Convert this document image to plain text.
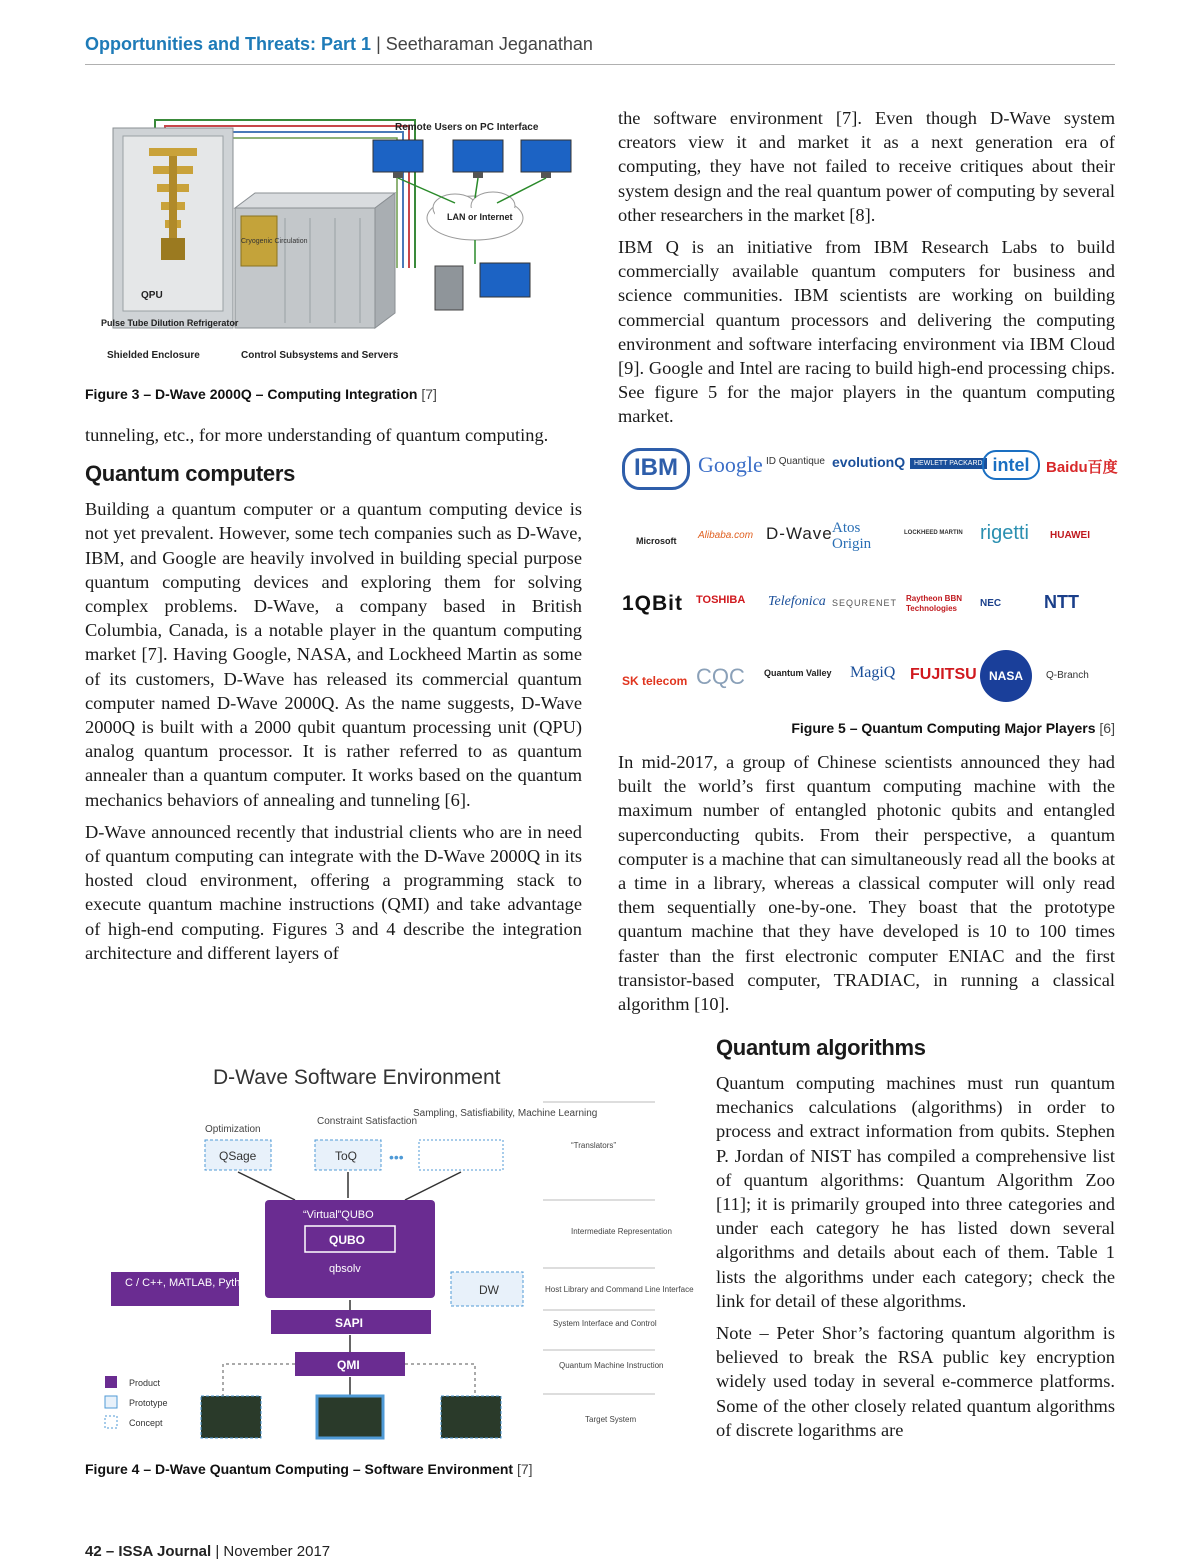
Opportunities and Threats: Part 1 | Seetharaman Jeganathan
Remote Users on PC Interface
LAN or Internet
Cryogenic Circulation
QPU
Pulse Tube Dilution Refrigerator
Shielded Enclosure	Control Subsystems and Servers
Figure 3 – D-Wave 2000Q – Computing Integration [7]

tunneling, etc., for more understanding of quantum computing.

Quantum computers

Building a quantum computer or a quantum computing device is not yet prevalent. However, some tech companies such as D-Wave, IBM, and Google are heavily involved in building special purpose quantum computing devices and exploring them for solving complex problems. D-Wave, a company based in British Columbia, Canada, is a notable player in the quantum computing market [7]. Having Google, NASA, and Lockheed Martin as some of its customers, D-Wave has released its commercial quantum computer named D-Wave 2000Q. As the name suggests, D-Wave 2000Q is built with a 2000 qubit quantum processing unit (QPU) analog quantum processor. It is rather referred to as quantum annealer than a quantum computer. It works based on the quantum mechanics behaviors of annealing and tunneling [6].

D-Wave announced recently that industrial clients who are in need of quantum computing can integrate with the D-Wave 2000Q in its hosted cloud environment, offering a programming stack to execute quantum machine instructions (QMI) and take advantage of high-end computing. Figures 3 and 4 describe the integration architecture and different layers of

the software environment [7]. Even though D-Wave system creators view it and market it as a next generation era of computing, they have not failed to receive critiques about their system design and the real quantum power of computing by several other researchers in the market [8].

IBM Q is an initiative from IBM Research Labs to build commercially available quantum computers for business and science communities. IBM scientists are working on building commercial quantum processors and delivering the computing environment and software interfacing environment via IBM Cloud [9]. Google and Intel are racing to build high-end processing chips. See figure 5 for the major players in the quantum computing market.

IBM Google ID Quantique evolutionQ	HEWLETT PACKARD intel	Baidu百度
Microsoft Alibaba.com D-Wave Atos Origin
LOCKHEED MARTIN rigetti HUAWEI
1QBit TOSHIBA Telefonica SEQURENET Raytheon BBN Technologies	NEC NTT
SK telecom CQC Quantum Valley MagiQ FUJITSU	NASA	Q-Branch
Figure 5 – Quantum Computing Major Players [6]

In mid-2017, a group of Chinese scientists announced they had built the world’s first quantum computing machine with the maximum number of entangled photonic qubits and entangled superconducting qubits. From their perspective, a quantum computer is a machine that can simultaneously read all the books at a time in a library, whereas a classical computer will only read them sequentially one-by-one. They boast that the prototype quantum machine that they have developed is 10 to 100 times faster than the first electronic computer ENIAC and the first transistor-based computer, TRADIAC, in running a classical algorithm [10].

Quantum algorithms

Quantum computing machines must run quantum mechanics calculations (algorithms) in order to process and extract information from qubits. Stephen P. Jordan of NIST has compiled a comprehensive list of quantum algorithms: Quantum Algorithm Zoo [11]; it is primarily grouped into three categories and under each category he has listed down several algorithms and details about each of them. Table 1 lists the algorithms under each category; check the link for detail of these algorithms.

Note – Peter Shor’s factoring quantum algorithm is believed to break the RSA public key encryption widely used today in several e-commerce platforms. Some of the other closely related quantum algorithms of discrete logarithms are

D-Wave Software Environment
Optimization
Constraint Satisfaction
Sampling, Satisfiability, Machine Learning
QSage	ToQ •••
“Virtual”QUBO
QUBO
qbsolv
C / C++, MATLAB, Python	DW
SAPI
QMI
Product
Prototype
Concept
“Translators”
Intermediate Representation
Host Library and Command Line Interface
System Interface and Control
Quantum Machine Instruction
Target System
Figure 4 – D-Wave Quantum Computing – Software Environment [7]
42 – ISSA Journal | November 2017
